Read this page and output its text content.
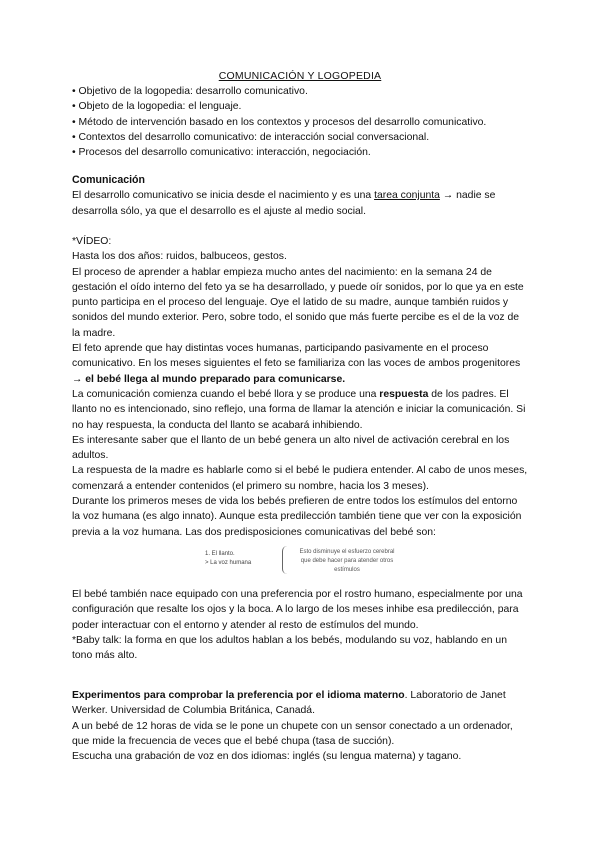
COMUNICACIÓN Y LOGOPEDIA
• Objetivo de la logopedia: desarrollo comunicativo.
• Objeto de la logopedia: el lenguaje.
• Método de intervención basado en los contextos y procesos del desarrollo comunicativo.
• Contextos del desarrollo comunicativo: de interacción social conversacional.
• Procesos del desarrollo comunicativo: interacción, negociación.
Comunicación

El desarrollo comunicativo se inicia desde el nacimiento y es una tarea conjunta → nadie se desarrolla sólo, ya que el desarrollo es el ajuste al medio social.

*VÍDEO:

Hasta los dos años: ruidos, balbuceos, gestos.

El proceso de aprender a hablar empieza mucho antes del nacimiento: en la semana 24 de gestación el oído interno del feto ya se ha desarrollado, y puede oír sonidos, por lo que ya en este punto participa en el proceso del lenguaje. Oye el latido de su madre, aunque también ruidos y sonidos del mundo exterior. Pero, sobre todo, el sonido que más fuerte percibe es el de la voz de la madre.

El feto aprende que hay distintas voces humanas, participando pasivamente en el proceso comunicativo. En los meses siguientes el feto se familiariza con las voces de ambos progenitores → el bebé llega al mundo preparado para comunicarse.

La comunicación comienza cuando el bebé llora y se produce una respuesta de los padres. El llanto no es intencionado, sino reflejo, una forma de llamar la atención e iniciar la comunicación. Si no hay respuesta, la conducta del llanto se acabará inhibiendo.

Es interesante saber que el llanto de un bebé genera un alto nivel de activación cerebral en los adultos.

La respuesta de la madre es hablarle como si el bebé le pudiera entender. Al cabo de unos meses, comenzará a entender contenidos (el primero su nombre, hacia los 3 meses).

Durante los primeros meses de vida los bebés prefieren de entre todos los estímulos del entorno la voz humana (es algo innato). Aunque esta predilección también tiene que ver con la exposición previa a la voz humana. Las dos predisposiciones comunicativas del bebé son:

1. El llanto.
> La voz humana
Esto disminuye el esfuerzo cerebral que debe hacer para atender otros estímulos

El bebé también nace equipado con una preferencia por el rostro humano, especialmente por una configuración que resalte los ojos y la boca. A lo largo de los meses inhibe esa predilección, para poder interactuar con el entorno y atender al resto de estímulos del mundo.

*Baby talk: la forma en que los adultos hablan a los bebés, modulando su voz, hablando en un tono más alto.

Experimentos para comprobar la preferencia por el idioma materno. Laboratorio de Janet Werker. Universidad de Columbia Británica, Canadá.

A un bebé de 12 horas de vida se le pone un chupete con un sensor conectado a un ordenador, que mide la frecuencia de veces que el bebé chupa (tasa de succión).

Escucha una grabación de voz en dos idiomas: inglés (su lengua materna) y tagano.
